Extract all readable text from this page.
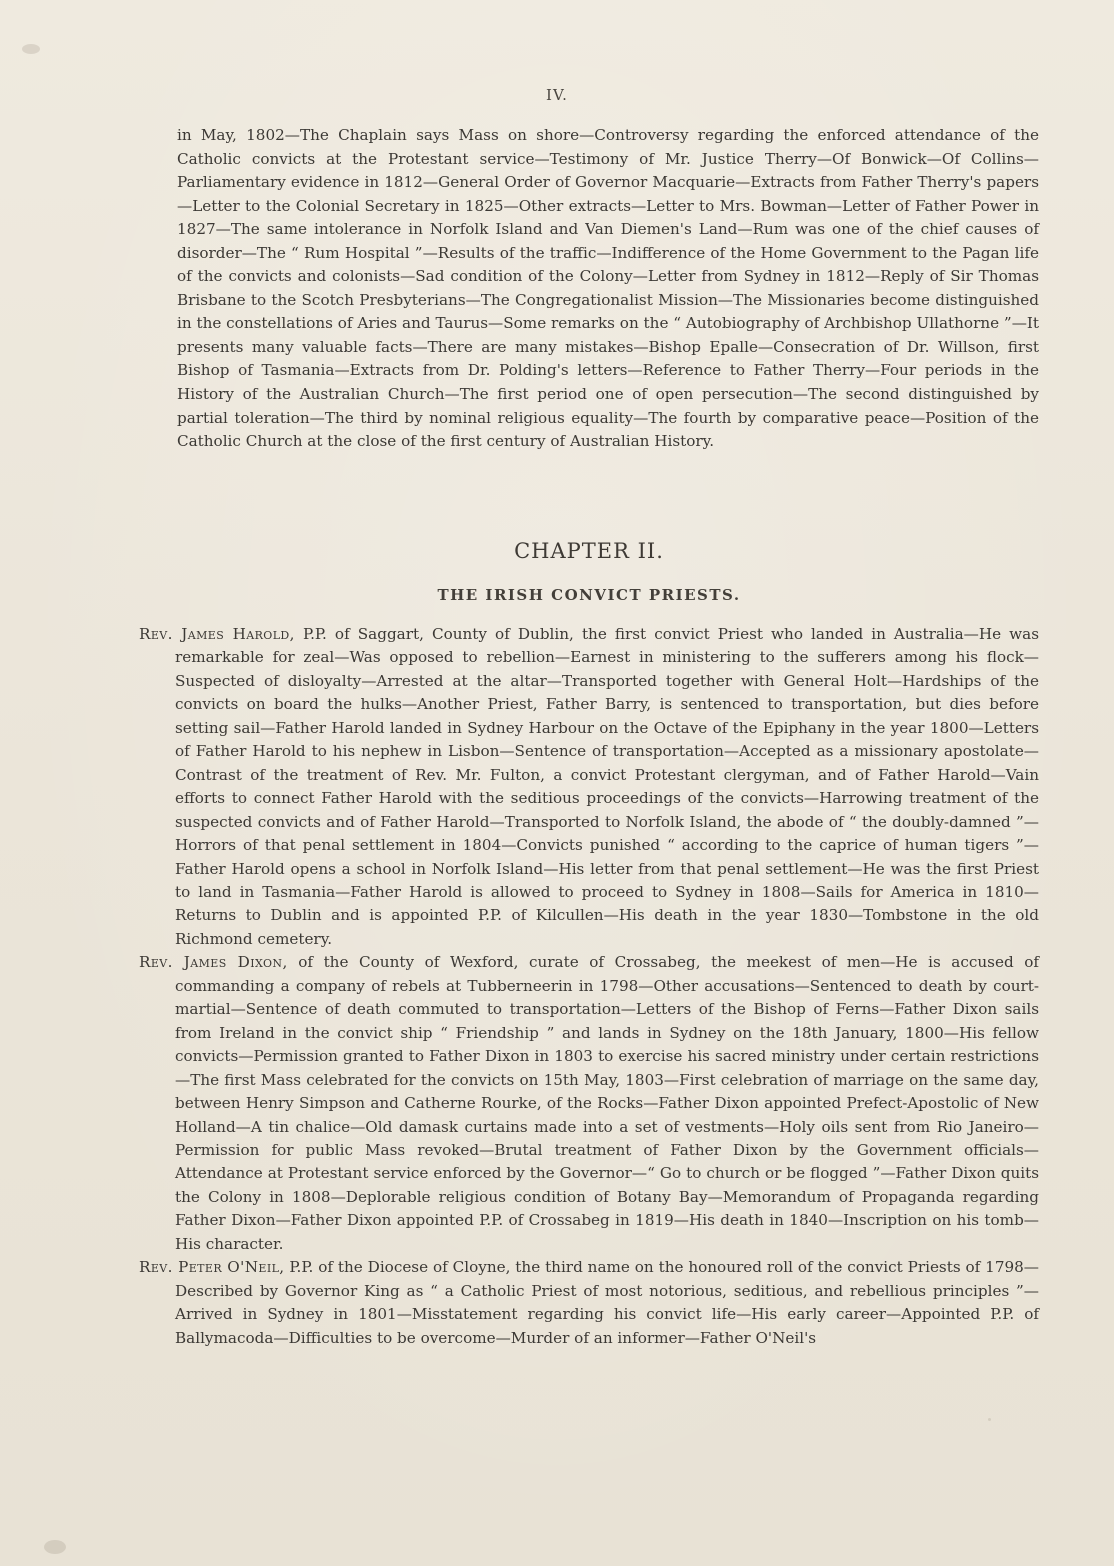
IV.

in May, 1802—The Chaplain says Mass on shore—Controversy regarding the enforced attendance of the Catholic convicts at the Protestant service—Testimony of Mr. Justice Therry—Of Bonwick—Of Collins—Parliamentary evidence in 1812—General Order of Governor Macquarie—Extracts from Father Therry's papers—Letter to the Colonial Secretary in 1825—Other extracts—Letter to Mrs. Bowman—Letter of Father Power in 1827—The same intolerance in Norfolk Island and Van Diemen's Land—Rum was one of the chief causes of disorder—The “ Rum Hospital ”—Results of the traffic—Indifference of the Home Government to the Pagan life of the convicts and colonists—Sad condition of the Colony—Letter from Sydney in 1812—Reply of Sir Thomas Brisbane to the Scotch Presbyterians—The Congregationalist Mission—The Missionaries become distinguished in the constellations of Aries and Taurus—Some remarks on the “ Autobiography of Archbishop Ullathorne ”—It presents many valuable facts—There are many mistakes—Bishop Epalle—Consecration of Dr. Willson, first Bishop of Tasmania—Extracts from Dr. Polding's letters—Reference to Father Therry—Four periods in the History of the Australian Church—The first period one of open persecution—The second distinguished by partial toleration—The third by nominal religious equality—The fourth by comparative peace—Position of the Catholic Church at the close of the first century of Australian History.

CHAPTER II.
THE IRISH CONVICT PRIESTS.
Rev. James Harold, P.P. of Saggart, County of Dublin, the first convict Priest who landed in Australia—He was remarkable for zeal—Was opposed to rebellion—Earnest in ministering to the sufferers among his flock—Suspected of disloyalty—Arrested at the altar—Transported together with General Holt—Hardships of the convicts on board the hulks—Another Priest, Father Barry, is sentenced to transportation, but dies before setting sail—Father Harold landed in Sydney Harbour on the Octave of the Epiphany in the year 1800—Letters of Father Harold to his nephew in Lisbon—Sentence of transportation—Accepted as a missionary apostolate—Contrast of the treatment of Rev. Mr. Fulton, a convict Protestant clergyman, and of Father Harold—Vain efforts to connect Father Harold with the seditious proceedings of the convicts—Harrowing treatment of the suspected convicts and of Father Harold—Transported to Norfolk Island, the abode of “ the doubly-damned ”—Horrors of that penal settlement in 1804—Convicts punished “ according to the caprice of human tigers ”—Father Harold opens a school in Norfolk Island—His letter from that penal settlement—He was the first Priest to land in Tasmania—Father Harold is allowed to proceed to Sydney in 1808—Sails for America in 1810—Returns to Dublin and is appointed P.P. of Kilcullen—His death in the year 1830—Tombstone in the old Richmond cemetery.
Rev. James Dixon, of the County of Wexford, curate of Crossabeg, the meekest of men—He is accused of commanding a company of rebels at Tubberneerin in 1798—Other accusations—Sentenced to death by court-martial—Sentence of death commuted to transportation—Letters of the Bishop of Ferns—Father Dixon sails from Ireland in the convict ship “ Friendship ” and lands in Sydney on the 18th January, 1800—His fellow convicts—Permission granted to Father Dixon in 1803 to exercise his sacred ministry under certain restrictions—The first Mass celebrated for the convicts on 15th May, 1803—First celebration of marriage on the same day, between Henry Simpson and Catherne Rourke, of the Rocks—Father Dixon appointed Prefect-Apostolic of New Holland—A tin chalice—Old damask curtains made into a set of vestments—Holy oils sent from Rio Janeiro—Permission for public Mass revoked—Brutal treatment of Father Dixon by the Government officials—Attendance at Protestant service enforced by the Governor—“ Go to church or be flogged ”—Father Dixon quits the Colony in 1808—Deplorable religious condition of Botany Bay—Memorandum of Propaganda regarding Father Dixon—Father Dixon appointed P.P. of Crossabeg in 1819—His death in 1840—Inscription on his tomb—His character.
Rev. Peter O'Neil, P.P. of the Diocese of Cloyne, the third name on the honoured roll of the convict Priests of 1798—Described by Governor King as “ a Catholic Priest of most notorious, seditious, and rebellious principles ”—Arrived in Sydney in 1801—Misstatement regarding his convict life—His early career—Appointed P.P. of Ballymacoda—Difficulties to be overcome—Murder of an informer—Father O'Neil's
